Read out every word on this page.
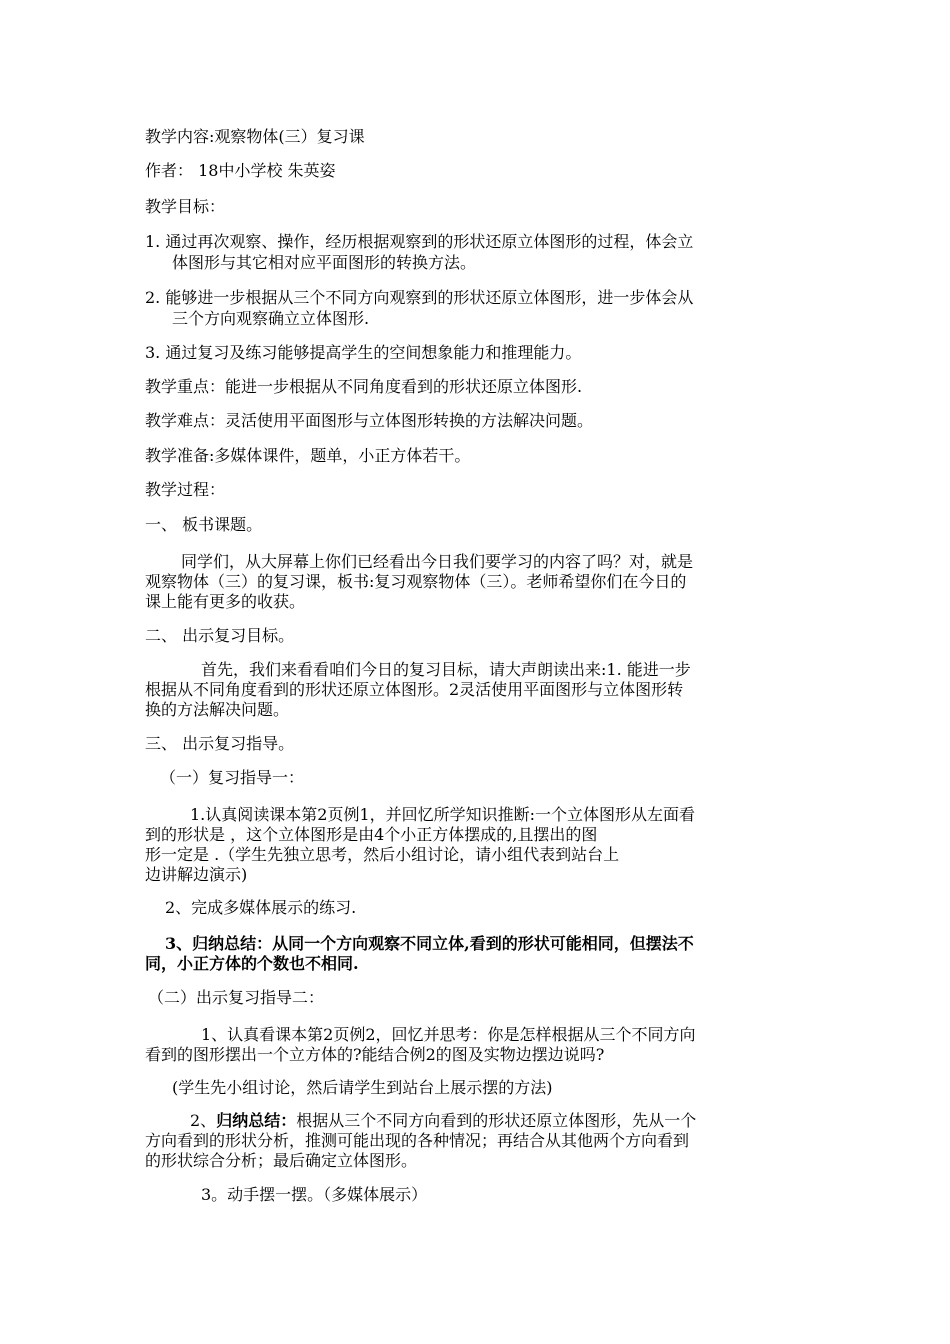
教学内容:观察物体(三）复习课
作者： 18中小学校 朱英姿
教学目标：
1. 通过再次观察、操作，经历根据观察到的形状还原立体图形的过程，体会立
体图形与其它相对应平面图形的转换方法。
2. 能够进一步根据从三个不同方向观察到的形状还原立体图形，进一步体会从
三个方向观察确立立体图形.
3. 通过复习及练习能够提高学生的空间想象能力和推理能力。
教学重点：能进一步根据从不同角度看到的形状还原立体图形.
教学难点：灵活使用平面图形与立体图形转换的方法解决问题。
教学准备:多媒体课件，题单，小正方体若干。
教学过程：
一、 板书课题。
同学们，从大屏幕上你们已经看出今日我们要学习的内容了吗？对，就是
观察物体（三）的复习课，板书:复习观察物体（三）。老师希望你们在今日的
课上能有更多的收获。
二、 出示复习目标。
首先，我们来看看咱们今日的复习目标，请大声朗读出来:1. 能进一步
根据从不同角度看到的形状还原立体图形。2灵活使用平面图形与立体图形转
换的方法解决问题。
三、 出示复习指导。
（一）复习指导一：
1.认真阅读课本第2页例1，并回忆所学知识推断:一个立体图形从左面看
到的形状是 ，这个立体图形是由4个小正方体摆成的,且摆出的图
形一定是 .（学生先独立思考，然后小组讨论，请小组代表到站台上
边讲解边演示)
2、完成多媒体展示的练习.
3、归纳总结：从同一个方向观察不同立体,看到的形状可能相同，但摆法不
同，小正方体的个数也不相同.
（二）出示复习指导二：
1、认真看课本第2页例2，回忆并思考：你是怎样根据从三个不同方向
看到的图形摆出一个立方体的?能结合例2的图及实物边摆边说吗?
(学生先小组讨论，然后请学生到站台上展示摆的方法)
2、归纳总结：根据从三个不同方向看到的形状还原立体图形，先从一个
方向看到的形状分析，推测可能出现的各种情况；再结合从其他两个方向看到
的形状综合分析；最后确定立体图形。
3。动手摆一摆。（多媒体展示）
